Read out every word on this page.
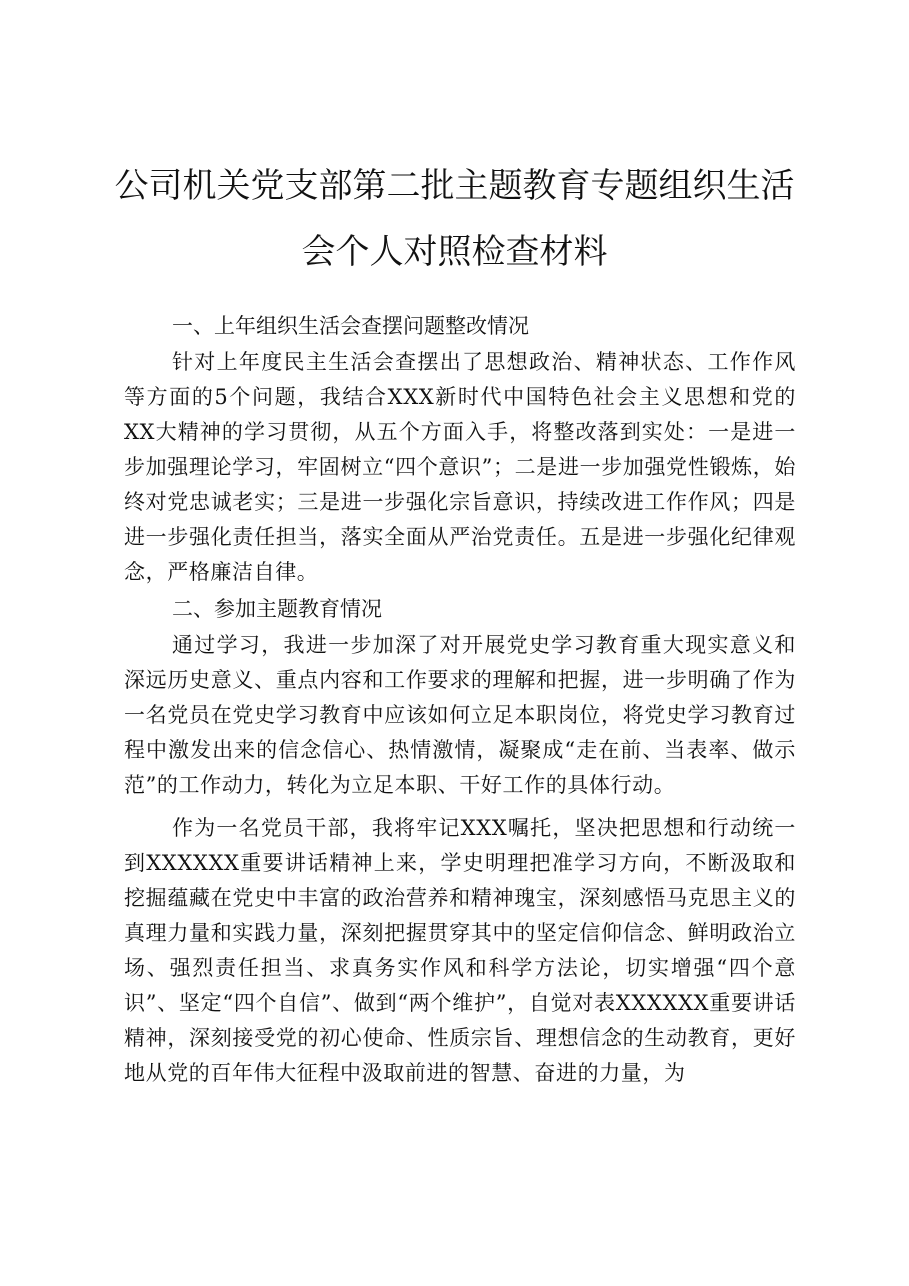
公司机关党支部第二批主题教育专题组织生活
会个人对照检查材料

一、上年组织生活会查摆问题整改情况

针对上年度民主生活会查摆出了思想政治、精神状态、工作作风等方面的5个问题，我结合XXX新时代中国特色社会主义思想和党的XX大精神的学习贯彻，从五个方面入手，将整改落到实处：一是进一步加强理论学习，牢固树立“四个意识”；二是进一步加强党性锻炼，始终对党忠诚老实；三是进一步强化宗旨意识，持续改进工作作风；四是进一步强化责任担当，落实全面从严治党责任。五是进一步强化纪律观念，严格廉洁自律。

二、参加主题教育情况

通过学习，我进一步加深了对开展党史学习教育重大现实意义和深远历史意义、重点内容和工作要求的理解和把握，进一步明确了作为一名党员在党史学习教育中应该如何立足本职岗位，将党史学习教育过程中激发出来的信念信心、热情激情，凝聚成“走在前、当表率、做示范”的工作动力，转化为立足本职、干好工作的具体行动。

作为一名党员干部，我将牢记XXX嘱托，坚决把思想和行动统一到XXXXXX重要讲话精神上来，学史明理把准学习方向，不断汲取和挖掘蕴藏在党史中丰富的政治营养和精神瑰宝，深刻感悟马克思主义的真理力量和实践力量，深刻把握贯穿其中的坚定信仰信念、鲜明政治立场、强烈责任担当、求真务实作风和科学方法论，切实增强“四个意识”、坚定“四个自信”、做到“两个维护”，自觉对表XXXXXX重要讲话精神，深刻接受党的初心使命、性质宗旨、理想信念的生动教育，更好地从党的百年伟大征程中汲取前进的智慧、奋进的力量，为
